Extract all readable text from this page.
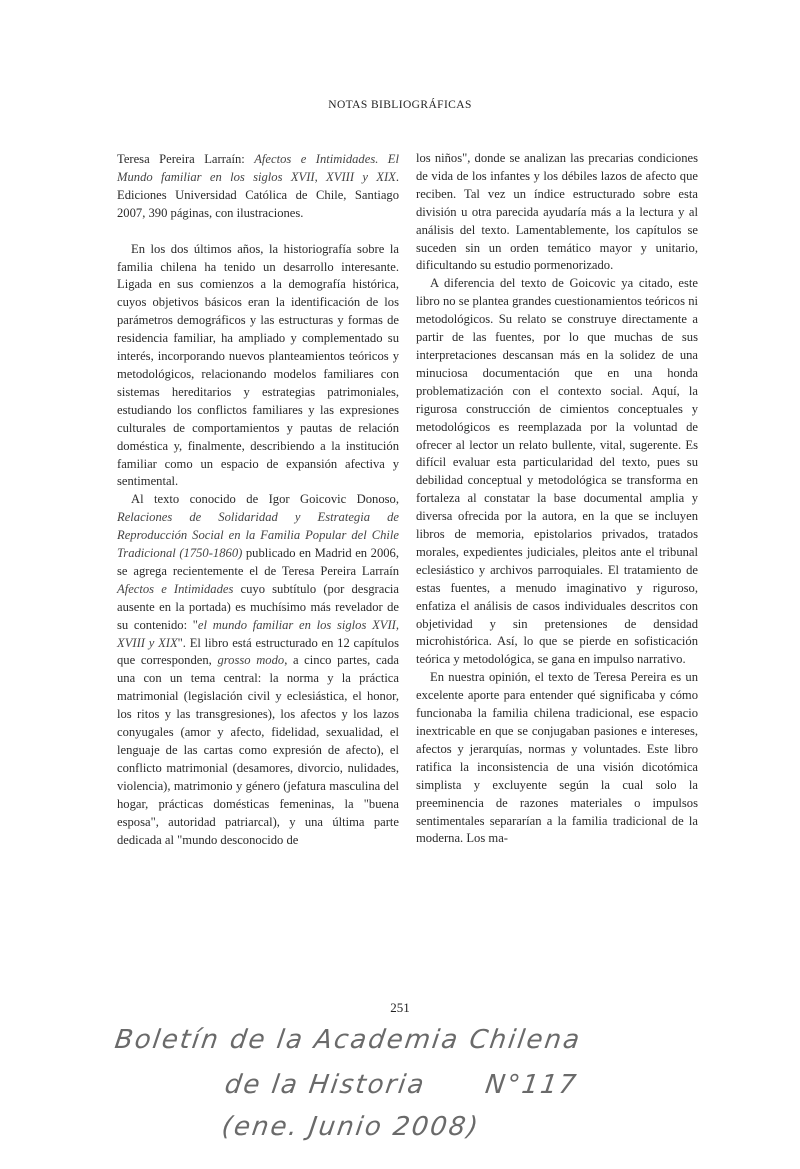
NOTAS BIBLIOGRÁFICAS

Teresa Pereira Larraín: Afectos e Intimidades. El Mundo familiar en los siglos XVII, XVIII y XIX. Ediciones Universidad Católica de Chile, Santiago 2007, 390 páginas, con ilustraciones.

En los dos últimos años, la historiografía sobre la familia chilena ha tenido un desarrollo interesante. Ligada en sus comienzos a la demografía histórica, cuyos objetivos básicos eran la identificación de los parámetros demográficos y las estructuras y formas de residencia familiar, ha ampliado y complementado su interés, incorporando nuevos planteamientos teóricos y metodológicos, relacionando modelos familiares con sistemas hereditarios y estrategias patrimoniales, estudiando los conflictos familiares y las expresiones culturales de comportamientos y pautas de relación doméstica y, finalmente, describiendo a la institución familiar como un espacio de expansión afectiva y sentimental.

Al texto conocido de Igor Goicovic Donoso, Relaciones de Solidaridad y Estrategia de Reproducción Social en la Familia Popular del Chile Tradicional (1750-1860) publicado en Madrid en 2006, se agrega recientemente el de Teresa Pereira Larraín Afectos e Intimidades cuyo subtítulo (por desgracia ausente en la portada) es muchísimo más revelador de su contenido: "el mundo familiar en los siglos XVII, XVIII y XIX". El libro está estructurado en 12 capítulos que corresponden, grosso modo, a cinco partes, cada una con un tema central: la norma y la práctica matrimonial (legislación civil y eclesiástica, el honor, los ritos y las transgresiones), los afectos y los lazos conyugales (amor y afecto, fidelidad, sexualidad, el lenguaje de las cartas como expresión de afecto), el conflicto matrimonial (desamores, divorcio, nulidades, violencia), matrimonio y género (jefatura masculina del hogar, prácticas domésticas femeninas, la "buena esposa", autoridad patriarcal), y una última parte dedicada al "mundo desconocido de

los niños", donde se analizan las precarias condiciones de vida de los infantes y los débiles lazos de afecto que reciben. Tal vez un índice estructurado sobre esta división u otra parecida ayudaría más a la lectura y al análisis del texto. Lamentablemente, los capítulos se suceden sin un orden temático mayor y unitario, dificultando su estudio pormenorizado.

A diferencia del texto de Goicovic ya citado, este libro no se plantea grandes cuestionamientos teóricos ni metodológicos. Su relato se construye directamente a partir de las fuentes, por lo que muchas de sus interpretaciones descansan más en la solidez de una minuciosa documentación que en una honda problematización con el contexto social. Aquí, la rigurosa construcción de cimientos conceptuales y metodológicos es reemplazada por la voluntad de ofrecer al lector un relato bullente, vital, sugerente. Es difícil evaluar esta particularidad del texto, pues su debilidad conceptual y metodológica se transforma en fortaleza al constatar la base documental amplia y diversa ofrecida por la autora, en la que se incluyen libros de memoria, epistolarios privados, tratados morales, expedientes judiciales, pleitos ante el tribunal eclesiástico y archivos parroquiales. El tratamiento de estas fuentes, a menudo imaginativo y riguroso, enfatiza el análisis de casos individuales descritos con objetividad y sin pretensiones de densidad microhistórica. Así, lo que se pierde en sofisticación teórica y metodológica, se gana en impulso narrativo.

En nuestra opinión, el texto de Teresa Pereira es un excelente aporte para entender qué significaba y cómo funcionaba la familia chilena tradicional, ese espacio inextricable en que se conjugaban pasiones e intereses, afectos y jerarquías, normas y voluntades. Este libro ratifica la inconsistencia de una visión dicotómica simplista y excluyente según la cual solo la preeminencia de razones materiales o impulsos sentimentales separarían a la familia tradicional de la moderna. Los ma-

251
Boletín de la Academia Chilena
de la Historia N°117
(ene. Junio 2008)
